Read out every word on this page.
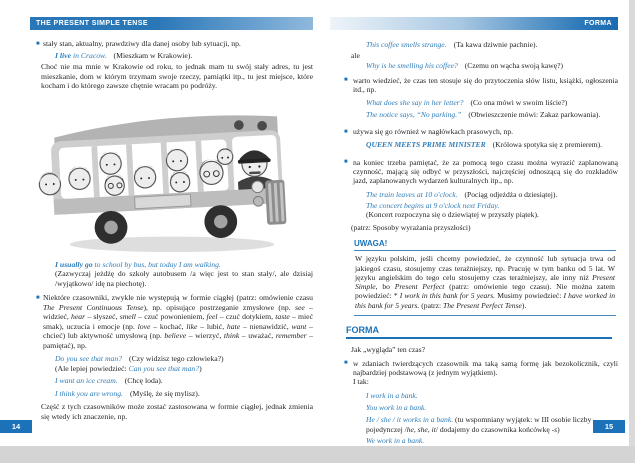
THE PRESENT SIMPLE TENSE
■ stały stan, aktualny, prawdziwy dla danej osoby lub sytuacji, np.
I live in Cracow. (Mieszkam w Krakowie).
Choć nie ma mnie w Krakowie od roku, to jednak mam tu swój stały adres, tu jest mieszkanie, dom w którym trzymam swoje rzeczy, pamiątki itp., tu jest miejsce, które kocham i do którego zawsze chętnie wracam po podróży.
I usually go to school by bus, but today I am walking.
(Zazwyczaj jeżdżę do szkoły autobusem /a więc jest to stan stały/, ale dzisiaj /wyjątkowo/ idę na piechotę).
■ Niektóre czasowniki, zwykle nie występują w formie ciągłej (patrz: omówienie czasu The Present Continuous Tense), np. opisujące postrzeganie zmysłowe (np. see – widzieć, hear – słyszeć, smell – czuć powonieniem, feel – czuć dotykiem, taste – mieć smak), uczucia i emocje (np. love – kochać, like – lubić, hate – nienawidzić, want – chcieć) lub aktywność umysłową (np. believe – wierzyć, think – uważać, remember – pamiętać), np.
Do you see that man? (Czy widzisz tego człowieka?)
(Ale lepiej powiedzieć: Can you see that man?)
I want an ice cream. (Chcę loda).
I think you are wrong. (Myślę, że się mylisz).
Część z tych czasowników może zostać zastosowana w formie ciągłej, jednak zmienia się wtedy ich znaczenie, np.
14
FORMA
This coffee smells strange. (Ta kawa dziwnie pachnie).
ale
Why is he smelling his coffee? (Czemu on wącha swoją kawę?)
■ warto wiedzieć, że czas ten stosuje się do przytoczenia słów listu, książki, ogłoszenia itd., np.
What does she say in her letter? (Co ona mówi w swoim liście?)
The notice says, “No parking.” (Obwieszczenie mówi: Zakaz parkowania).
■ używa się go również w nagłówkach prasowych, np.
QUEEN MEETS PRIME MINISTER (Królowa spotyka się z premierem).
■ na koniec trzeba pamiętać, że za pomocą tego czasu można wyrazić zaplanowaną czynność, mającą się odbyć w przyszłości, najczęściej odnoszącą się do rozkładów jazd, zaplanowanych wydarzeń kulturalnych itp., np.
The train leaves at 10 o'clock. (Pociąg odjeżdża o dziesiątej).
The concert begins at 9 o'clock next Friday.
(Koncert rozpoczyna się o dziewiątej w przyszły piątek).
(patrz: Sposoby wyrażania przyszłości)
UWAGA!
W języku polskim, jeśli chcemy powiedzieć, że czynność lub sytuacja trwa od jakiegoś czasu, stosujemy czas teraźniejszy, np. Pracuję w tym banku od 5 lat. W języku angielskim do tego celu stosujemy czas teraźniejszy, ale inny niż Present Simple, bo Present Perfect (patrz: omówienie tego czasu). Nie można zatem powiedzieć: * I work in this bank for 5 years. Musimy powiedzieć: I have worked in this bank for 5 years. (patrz: The Present Perfect Tense).
FORMA
Jak „wygląda” ten czas?
■ w zdaniach twierdzących czasownik ma taką samą formę jak bezokolicznik, czyli najbardziej podstawową (z jednym wyjątkiem).
I tak:
I work in a bank.
You work in a bank.
He / she / it works in a bank. (tu wspomniany wyjątek: w III osobie liczby pojedynczej /he, she, it/ dodajemy do czasownika końcówkę -s)
We work in a bank.
15
